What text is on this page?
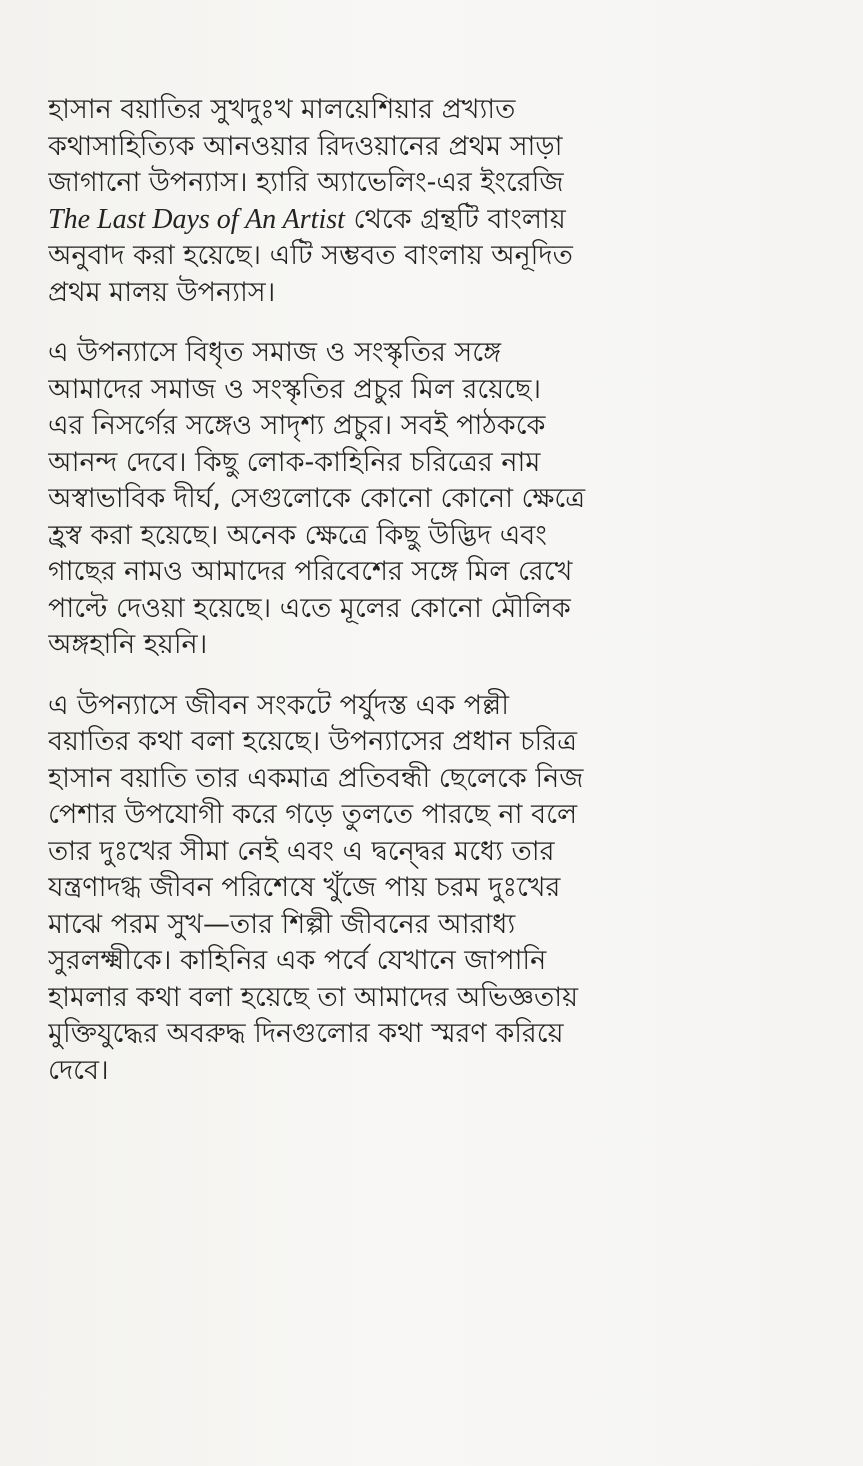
হাসান বয়াতির সুখদুঃখ মালয়েশিয়ার প্রখ্যাত
কথাসাহিত্যিক আনওয়ার রিদওয়ানের প্রথম সাড়া
জাগানো উপন্যাস। হ্যারি অ্যাভেলিং-এর ইংরেজি
The Last Days of An Artist থেকে গ্রন্থটি বাংলায়
অনুবাদ করা হয়েছে। এটি সম্ভবত বাংলায় অনূদিত
প্রথম মালয় উপন্যাস।

এ উপন্যাসে বিধৃত সমাজ ও সংস্কৃতির সঙ্গে
আমাদের সমাজ ও সংস্কৃতির প্রচুর মিল রয়েছে।
এর নিসর্গের সঙ্গেও সাদৃশ্য প্রচুর। সবই পাঠককে
আনন্দ দেবে। কিছু লোক-কাহিনির চরিত্রের নাম
অস্বাভাবিক দীর্ঘ, সেগুলোকে কোনো কোনো ক্ষেত্রে
হ্রস্ব করা হয়েছে। অনেক ক্ষেত্রে কিছু উদ্ভিদ এবং
গাছের নামও আমাদের পরিবেশের সঙ্গে মিল রেখে
পাল্টে দেওয়া হয়েছে। এতে মূলের কোনো মৌলিক
অঙ্গহানি হয়নি।

এ উপন্যাসে জীবন সংকটে পর্যুদস্ত এক পল্লী
বয়াতির কথা বলা হয়েছে। উপন্যাসের প্রধান চরিত্র
হাসান বয়াতি তার একমাত্র প্রতিবন্ধী ছেলেকে নিজ
পেশার উপযোগী করে গড়ে তুলতে পারছে না বলে
তার দুঃখের সীমা নেই এবং এ দ্বন্দ্বের মধ্যে তার
যন্ত্রণাদগ্ধ জীবন পরিশেষে খুঁজে পায় চরম দুঃখের
মাঝে পরম সুখ—তার শিল্পী জীবনের আরাধ্য
সুরলক্ষ্মীকে। কাহিনির এক পর্বে যেখানে জাপানি
হামলার কথা বলা হয়েছে তা আমাদের অভিজ্ঞতায়
মুক্তিযুদ্ধের অবরুদ্ধ দিনগুলোর কথা স্মরণ করিয়ে
দেবে।
